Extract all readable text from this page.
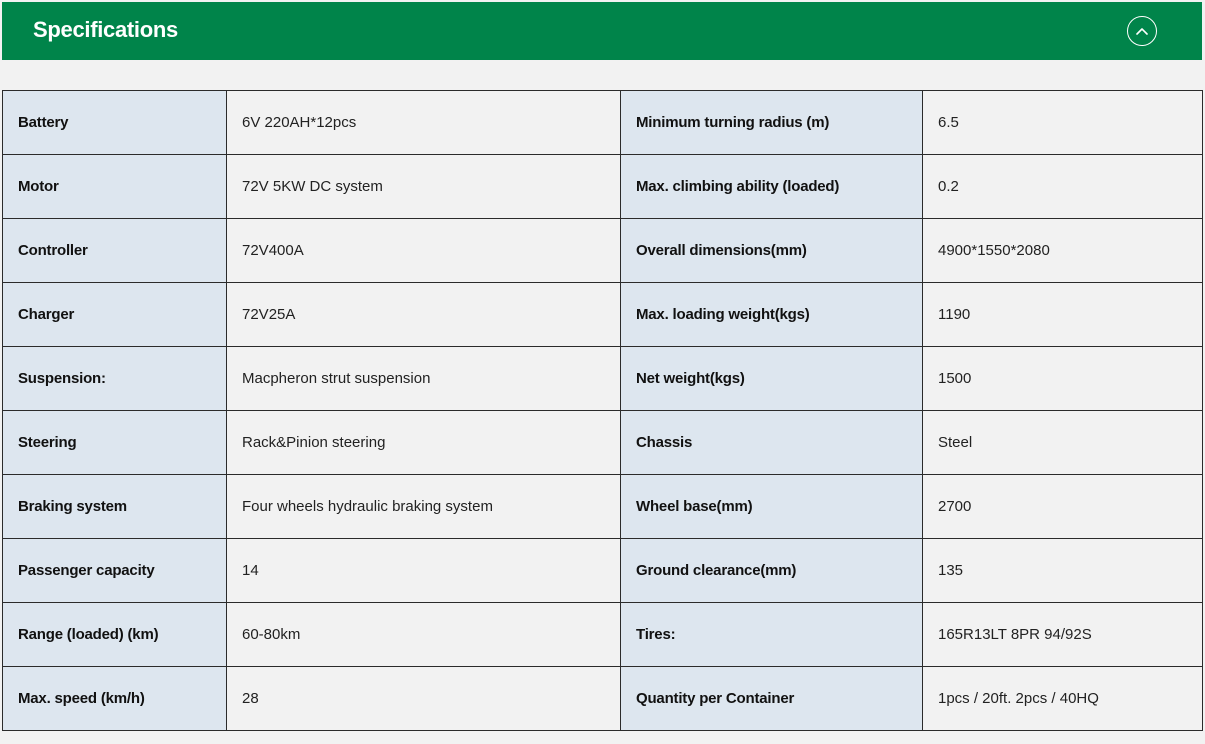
Specifications
Battery	6V 220AH*12pcs	Minimum turning radius (m)	6.5
Motor	72V 5KW DC system	Max. climbing ability (loaded)	0.2
Controller	72V400A	Overall dimensions(mm)	4900*1550*2080
Charger	72V25A	Max. loading weight(kgs)	1190
Suspension:	Macpheron strut suspension	Net weight(kgs)	1500
Steering	Rack&Pinion steering	Chassis	Steel
Braking system	Four wheels hydraulic braking system	Wheel base(mm)	2700
Passenger capacity	14	Ground clearance(mm)	135
Range (loaded) (km)	60-80km	Tires:	165R13LT 8PR 94/92S
Max. speed (km/h)	28	Quantity per Container	1pcs / 20ft. 2pcs / 40HQ
